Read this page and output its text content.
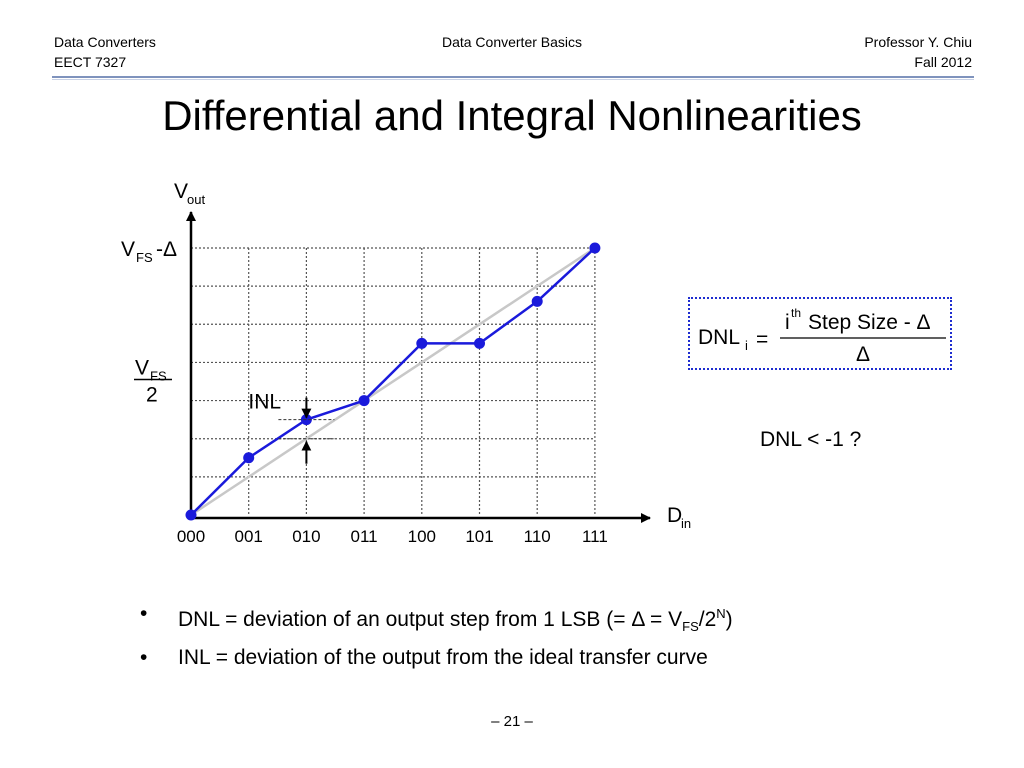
Data Converters
EECT 7327
Data Converter Basics	Professor Y. Chiu
Fall 2012
Differential and Integral Nonlinearities
INL
000 001 010 011 100 101 110 111
V
out
D
in
V FS -Δ
V FS
2
DNL i =
i th Step Size - Δ
Δ
DNL < -1 ?
• DNL = deviation of an output step from 1 LSB (= $\Delta = V_{FS}/2^N$)
• INL = deviation of the output from the ideal transfer curve
– 21 –
